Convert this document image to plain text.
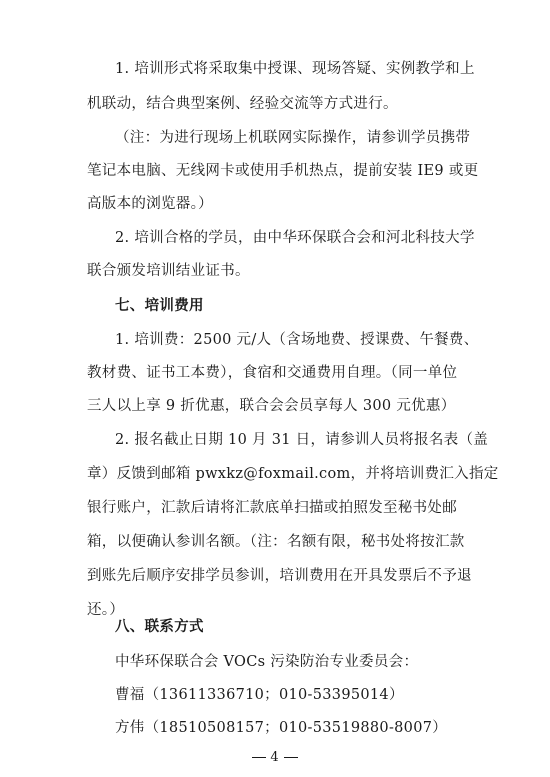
1. 培训形式将采取集中授课、现场答疑、实例教学和上
机联动，结合典型案例、经验交流等方式进行。
（注：为进行现场上机联网实际操作，请参训学员携带
笔记本电脑、无线网卡或使用手机热点，提前安装 IE9 或更
高版本的浏览器。）
2. 培训合格的学员，由中华环保联合会和河北科技大学
联合颁发培训结业证书。
七、培训费用
1. 培训费：2500 元/人（含场地费、授课费、午餐费、
教材费、证书工本费），食宿和交通费用自理。（同一单位
三人以上享 9 折优惠，联合会会员享每人 300 元优惠）
2. 报名截止日期 10 月 31 日，请参训人员将报名表（盖
章）反馈到邮箱 pwxkz@foxmail.com，并将培训费汇入指定
银行账户，汇款后请将汇款底单扫描或拍照发至秘书处邮
箱，以便确认参训名额。（注：名额有限，秘书处将按汇款
到账先后顺序安排学员参训，培训费用在开具发票后不予退
还。）
八、联系方式
中华环保联合会 VOCs 污染防治专业委员会：
曹福（13611336710；010-53395014）
方伟（18510508157；010-53519880-8007）
4
